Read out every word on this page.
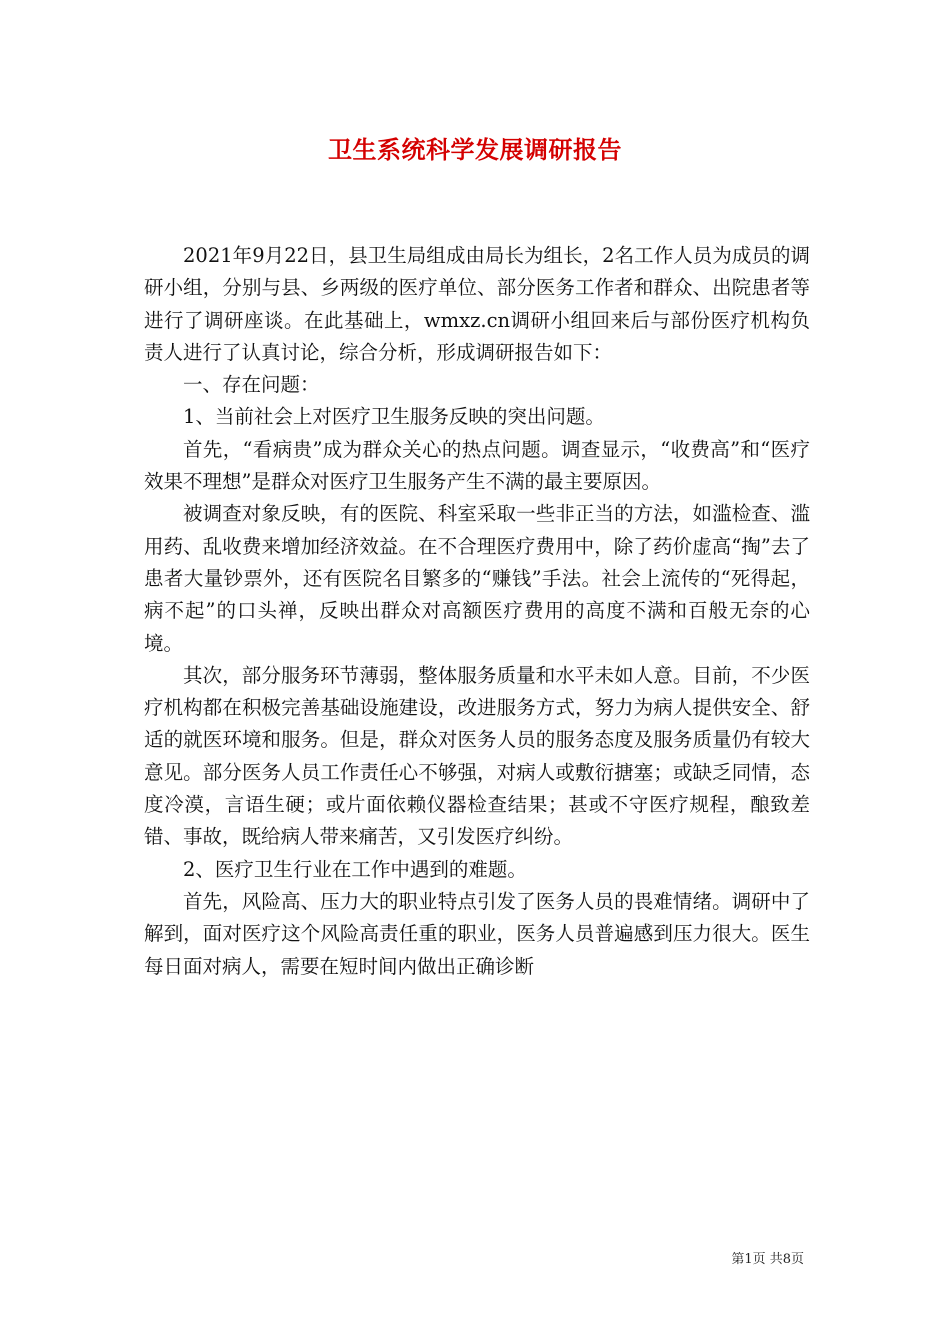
卫生系统科学发展调研报告

2021年9月22日，县卫生局组成由局长为组长，2名工作人员为成员的调研小组，分别与县、乡两级的医疗单位、部分医务工作者和群众、出院患者等进行了调研座谈。在此基础上，wmxz.cn调研小组回来后与部份医疗机构负责人进行了认真讨论，综合分析，形成调研报告如下：

一、存在问题：

1、当前社会上对医疗卫生服务反映的突出问题。

首先，“看病贵”成为群众关心的热点问题。调查显示，“收费高”和“医疗效果不理想”是群众对医疗卫生服务产生不满的最主要原因。

被调查对象反映，有的医院、科室采取一些非正当的方法，如滥检查、滥用药、乱收费来增加经济效益。在不合理医疗费用中，除了药价虚高“掏”去了患者大量钞票外，还有医院名目繁多的“赚钱”手法。社会上流传的“死得起，病不起”的口头禅，反映出群众对高额医疗费用的高度不满和百般无奈的心境。

其次，部分服务环节薄弱，整体服务质量和水平未如人意。目前，不少医疗机构都在积极完善基础设施建设，改进服务方式，努力为病人提供安全、舒适的就医环境和服务。但是，群众对医务人员的服务态度及服务质量仍有较大意见。部分医务人员工作责任心不够强，对病人或敷衍搪塞；或缺乏同情，态度冷漠，言语生硬；或片面依赖仪器检查结果；甚或不守医疗规程，酿致差错、事故，既给病人带来痛苦，又引发医疗纠纷。

2、医疗卫生行业在工作中遇到的难题。

首先，风险高、压力大的职业特点引发了医务人员的畏难情绪。调研中了解到，面对医疗这个风险高责任重的职业，医务人员普遍感到压力很大。医生每日面对病人，需要在短时间内做出正确诊断

第1页 共8页
